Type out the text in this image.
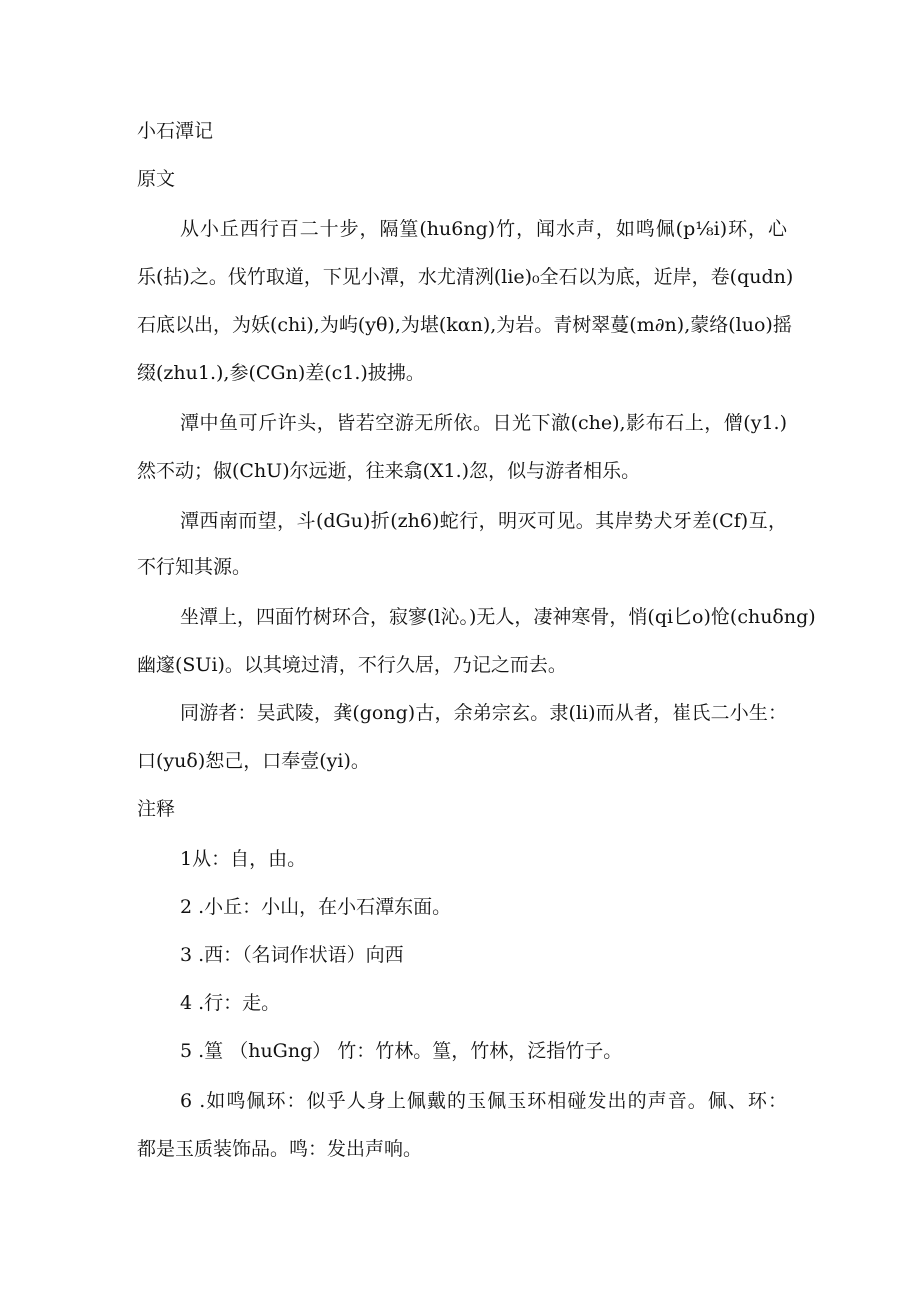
小石潭记
原文
从小丘西行百二十步，隔篁(hu6ng)竹，闻水声，如鸣佩(p⅛i)环，心
乐(拈)之。伐竹取道，下见小潭，水尤清洌(lie)₀全石以为底，近岸，卷(qudn)
石底以出，为妖(chi),为屿(yθ),为堪(kαn),为岩。青树翠蔓(m∂n),蒙络(luo)摇
缀(zhu1.),参(CGn)差(c1.)披拂。
潭中鱼可斤许头，皆若空游无所依。日光下澈(che),影布石上，僧(y1.)
然不动；俶(ChU)尔远逝，往来翕(X1.)忽，似与游者相乐。
潭西南而望，斗(dGu)折(zh6)蛇行，明灭可见。其岸势犬牙差(Cf)互，
不行知其源。
坐潭上，四面竹树环合，寂寥(l沁。)无人，凄神寒骨，悄(qi匕o)怆(chuδng)
幽邃(SUi)。以其境过清，不行久居，乃记之而去。
同游者：吴武陵，龚(gong)古，余弟宗玄。隶(li)而从者，崔氏二小生：
口(yuδ)恕己，口奉壹(yi)。
注释
1从：自，由。
2 .小丘：小山，在小石潭东面。
3 .西：（名词作状语）向西
4 .行：走。
5 .篁 （huGng） 竹：竹林。篁，竹林，泛指竹子。
6 .如鸣佩环：似乎人身上佩戴的玉佩玉环相碰发出的声音。佩、环：
都是玉质装饰品。鸣：发出声响。
